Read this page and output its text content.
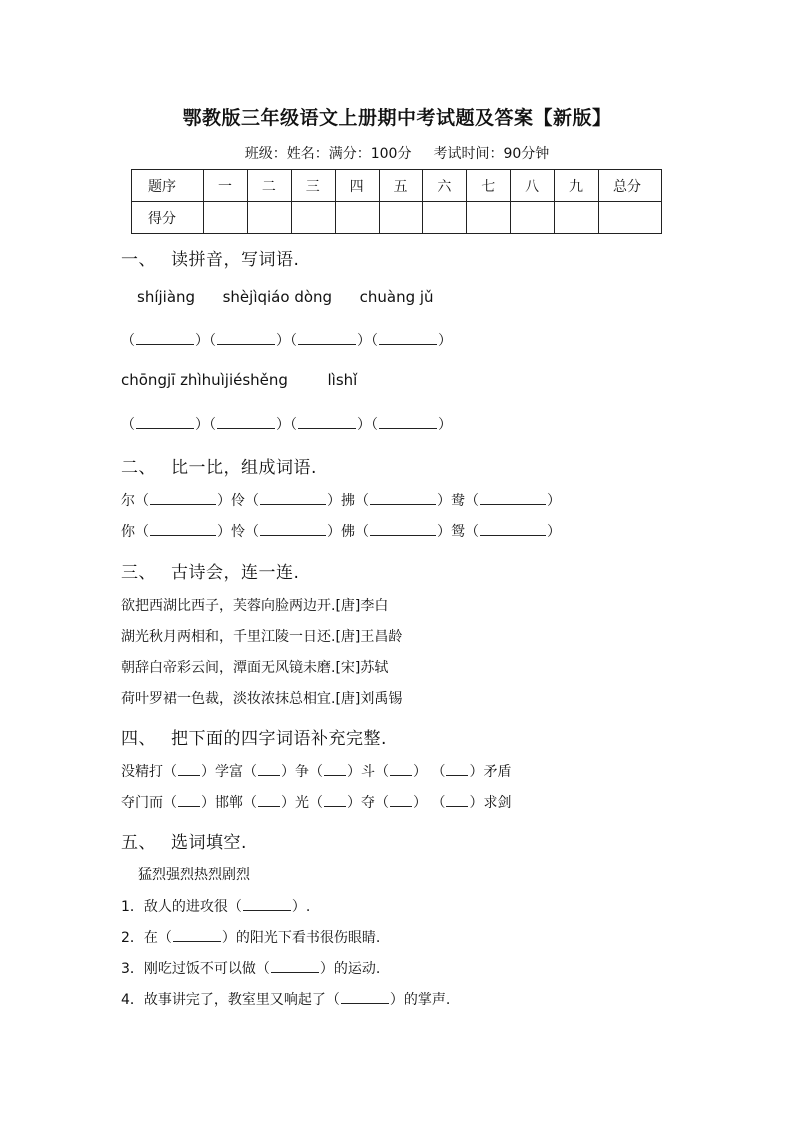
鄂教版三年级语文上册期中考试题及答案【新版】
班级：姓名：满分：100分 考试时间：90分钟
题序	一	二	三	四	五	六	七	八	九	总分
得分										
一、 读拼音，写词语.
shíjiàng shèjìqiáo dòng chuàng jǔ
（	）（	）（	）（	）
chōngjī zhìhuìjiéshěng	lìshǐ
（	）（	）（	）（	）
二、 比一比，组成词语.
尔（	）伶（	）拂（	）鸯（	）
你（	）怜（	）佛（	）鸳（	）
三、 古诗会，连一连.
欲把西湖比西子，芙蓉向脸两边开.[唐]李白
湖光秋月两相和，千里江陵一日还.[唐]王昌龄
朝辞白帝彩云间，潭面无风镜未磨.[宋]苏轼
荷叶罗裙一色裁，淡妆浓抹总相宜.[唐]刘禹锡
四、 把下面的四字词语补充完整.
没精打（ ）学富（ ）争（ ）斗（ ） （ ）矛盾
夺门而（ ）邯郸（ ）光（ ）夺（ ） （ ）求剑
五、 选词填空.
猛烈强烈热烈剧烈
1．敌人的进攻很（	）.
2．在（	）的阳光下看书很伤眼睛.
3．刚吃过饭不可以做（	）的运动.
4．故事讲完了，教室里又响起了（	）的掌声.
